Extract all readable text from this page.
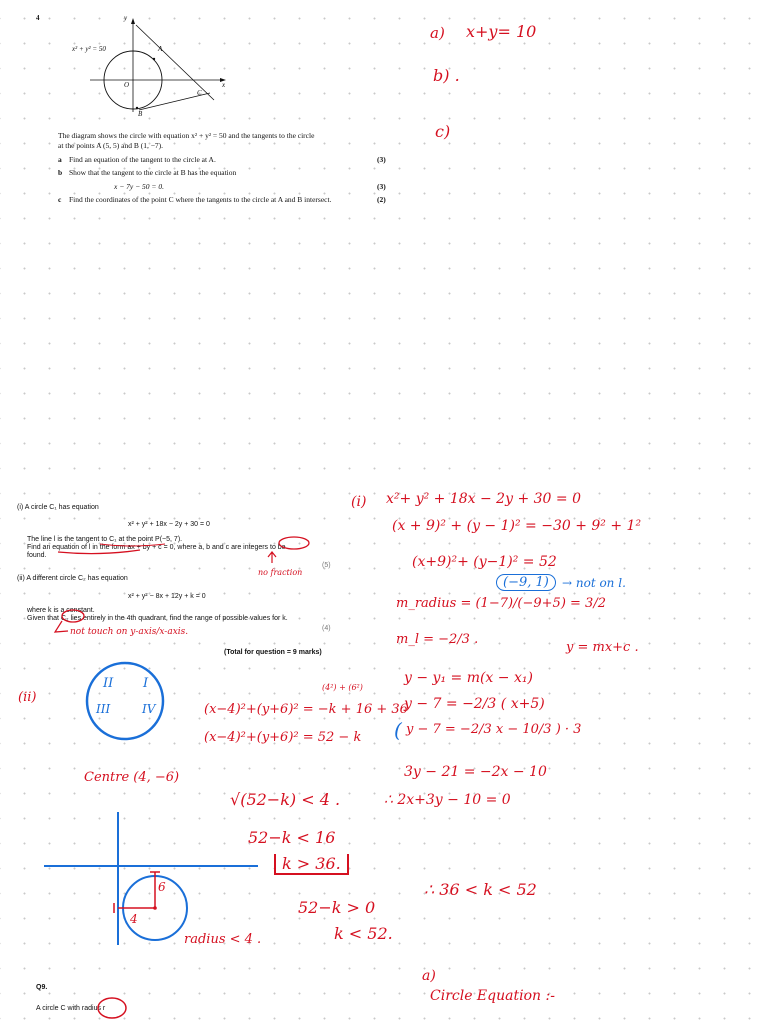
4	y
x
x² + y² = 50	A
B
C
O
The diagram shows the circle with equation x² + y² = 50 and the tangents to the circle
at the points A (5, 5) and B (1, −7).
a Find an equation of the tangent to the circle at A.	(3)
b Show that the tangent to the circle at B has the equation
x − 7y − 50 = 0.	(3)
c Find the coordinates of the point C where the tangents to the circle at A and B intersect.	(2)
a) x+y= 10
b) .
c)
(i) A circle C₁ has equation
x² + y² + 18x − 2y + 30 = 0
The line l is the tangent to C₁ at the point P(−5, 7).
Find an equation of l in the form ax + by + c = 0, where a, b and c are integers to be
found.
(5)
(ii) A different circle C₂ has equation
x² + y² − 8x + 12y + k = 0
where k is a constant.
Given that C₂ lies entirely in the 4th quadrant, find the range of possible values for k.
(4)
(Total for question = 9 marks)
no fraction
not touch on y-axis/x-axis.
(i) x²+ y² + 18x − 2y + 30 = 0
(x + 9)² + (y − 1)² = −30 + 9² + 1²
(x+9)²+ (y−1)² = 52
(−9, 1)	→ not on l.
m_radius = (1−7)/(−9+5) = 3/2
m_l = −2/3 .
y = mx+c .
y − y₁ = m(x − x₁)
y − 7 = −2/3 ( x+5)
( y − 7 = −2/3 x − 10/3 ) · 3
3y − 21 = −2x − 10
∴ 2x+3y − 10 = 0
(ii)
II I
III	IV
(4²) + (6²)
(x−4)²+(y+6)² = −k + 16 + 36
(x−4)²+(y+6)² = 52 − k
Centre (4, −6)
√(52−k) < 4 .
52−k < 16
k > 36.
52−k > 0
k < 52.
∴ 36 < k < 52
6
4
radius < 4 .
Q9.
A circle C with radius r
a)
Circle Equation :-
